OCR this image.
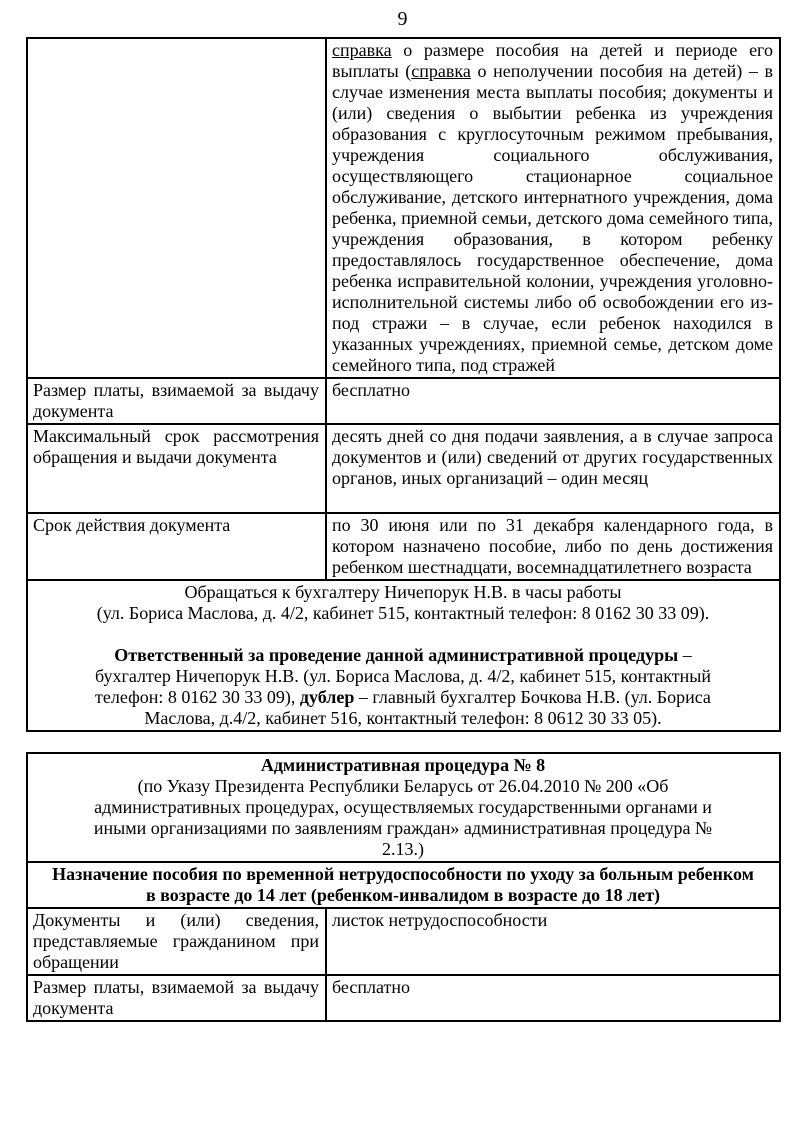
9
	справка о размере пособия на детей и периоде его выплаты (справка о неполучении пособия на детей) – в случае изменения места выплаты пособия; документы и (или) сведения о выбытии ребенка из учреждения образования с круглосуточным режимом пребывания, учреждения социального обслуживания, осуществляющего стационарное социальное обслуживание, детского интернатного учреждения, дома ребенка, приемной семьи, детского дома семейного типа, учреждения образования, в котором ребенку предоставлялось государственное обеспечение, дома ребенка исправительной колонии, учреждения уголовно-исполнительной системы либо об освобождении его из-под стражи – в случае, если ребенок находился в указанных учреждениях, приемной семье, детском доме семейного типа, под стражей
Размер платы, взимаемой за выдачу документа	бесплатно
Максимальный срок рассмотрения обращения и выдачи документа	десять дней со дня подачи заявления, а в случае запроса документов и (или) сведений от других государственных органов, иных организаций – один месяц
Срок действия документа	по 30 июня или по 31 декабря календарного года, в котором назначено пособие, либо по день достижения ребенком шестнадцати, восемнадцатилетнего возраста

Обращаться к бухгалтеру Ничепорук Н.В. в часы работы
(ул. Бориса Маслова, д. 4/2, кабинет 515, контактный телефон: 8 0162 30 33 09).
Ответственный за проведение данной административной процедуры – бухгалтер Ничепорук Н.В. (ул. Бориса Маслова, д. 4/2, кабинет 515, контактный телефон: 8 0162 30 33 09), дублер – главный бухгалтер Бочкова Н.В. (ул. Бориса Маслова, д.4/2, кабинет 516, контактный телефон: 8 0612 30 33 05).	
Административная процедура № 8
(по Указу Президента Республики Беларусь от 26.04.2010 № 200 «Об административных процедурах, осуществляемых государственными органами и иными организациями по заявлениям граждан» административная процедура № 2.13.)	

Назначение пособия по временной нетрудоспособности по уходу за больным ребенком в возрасте до 14 лет (ребенком-инвалидом в возрасте до 18 лет)	

Документы и (или) сведения, представляемые гражданином при обращении	листок нетрудоспособности
Размер платы, взимаемой за выдачу документа	бесплатно
